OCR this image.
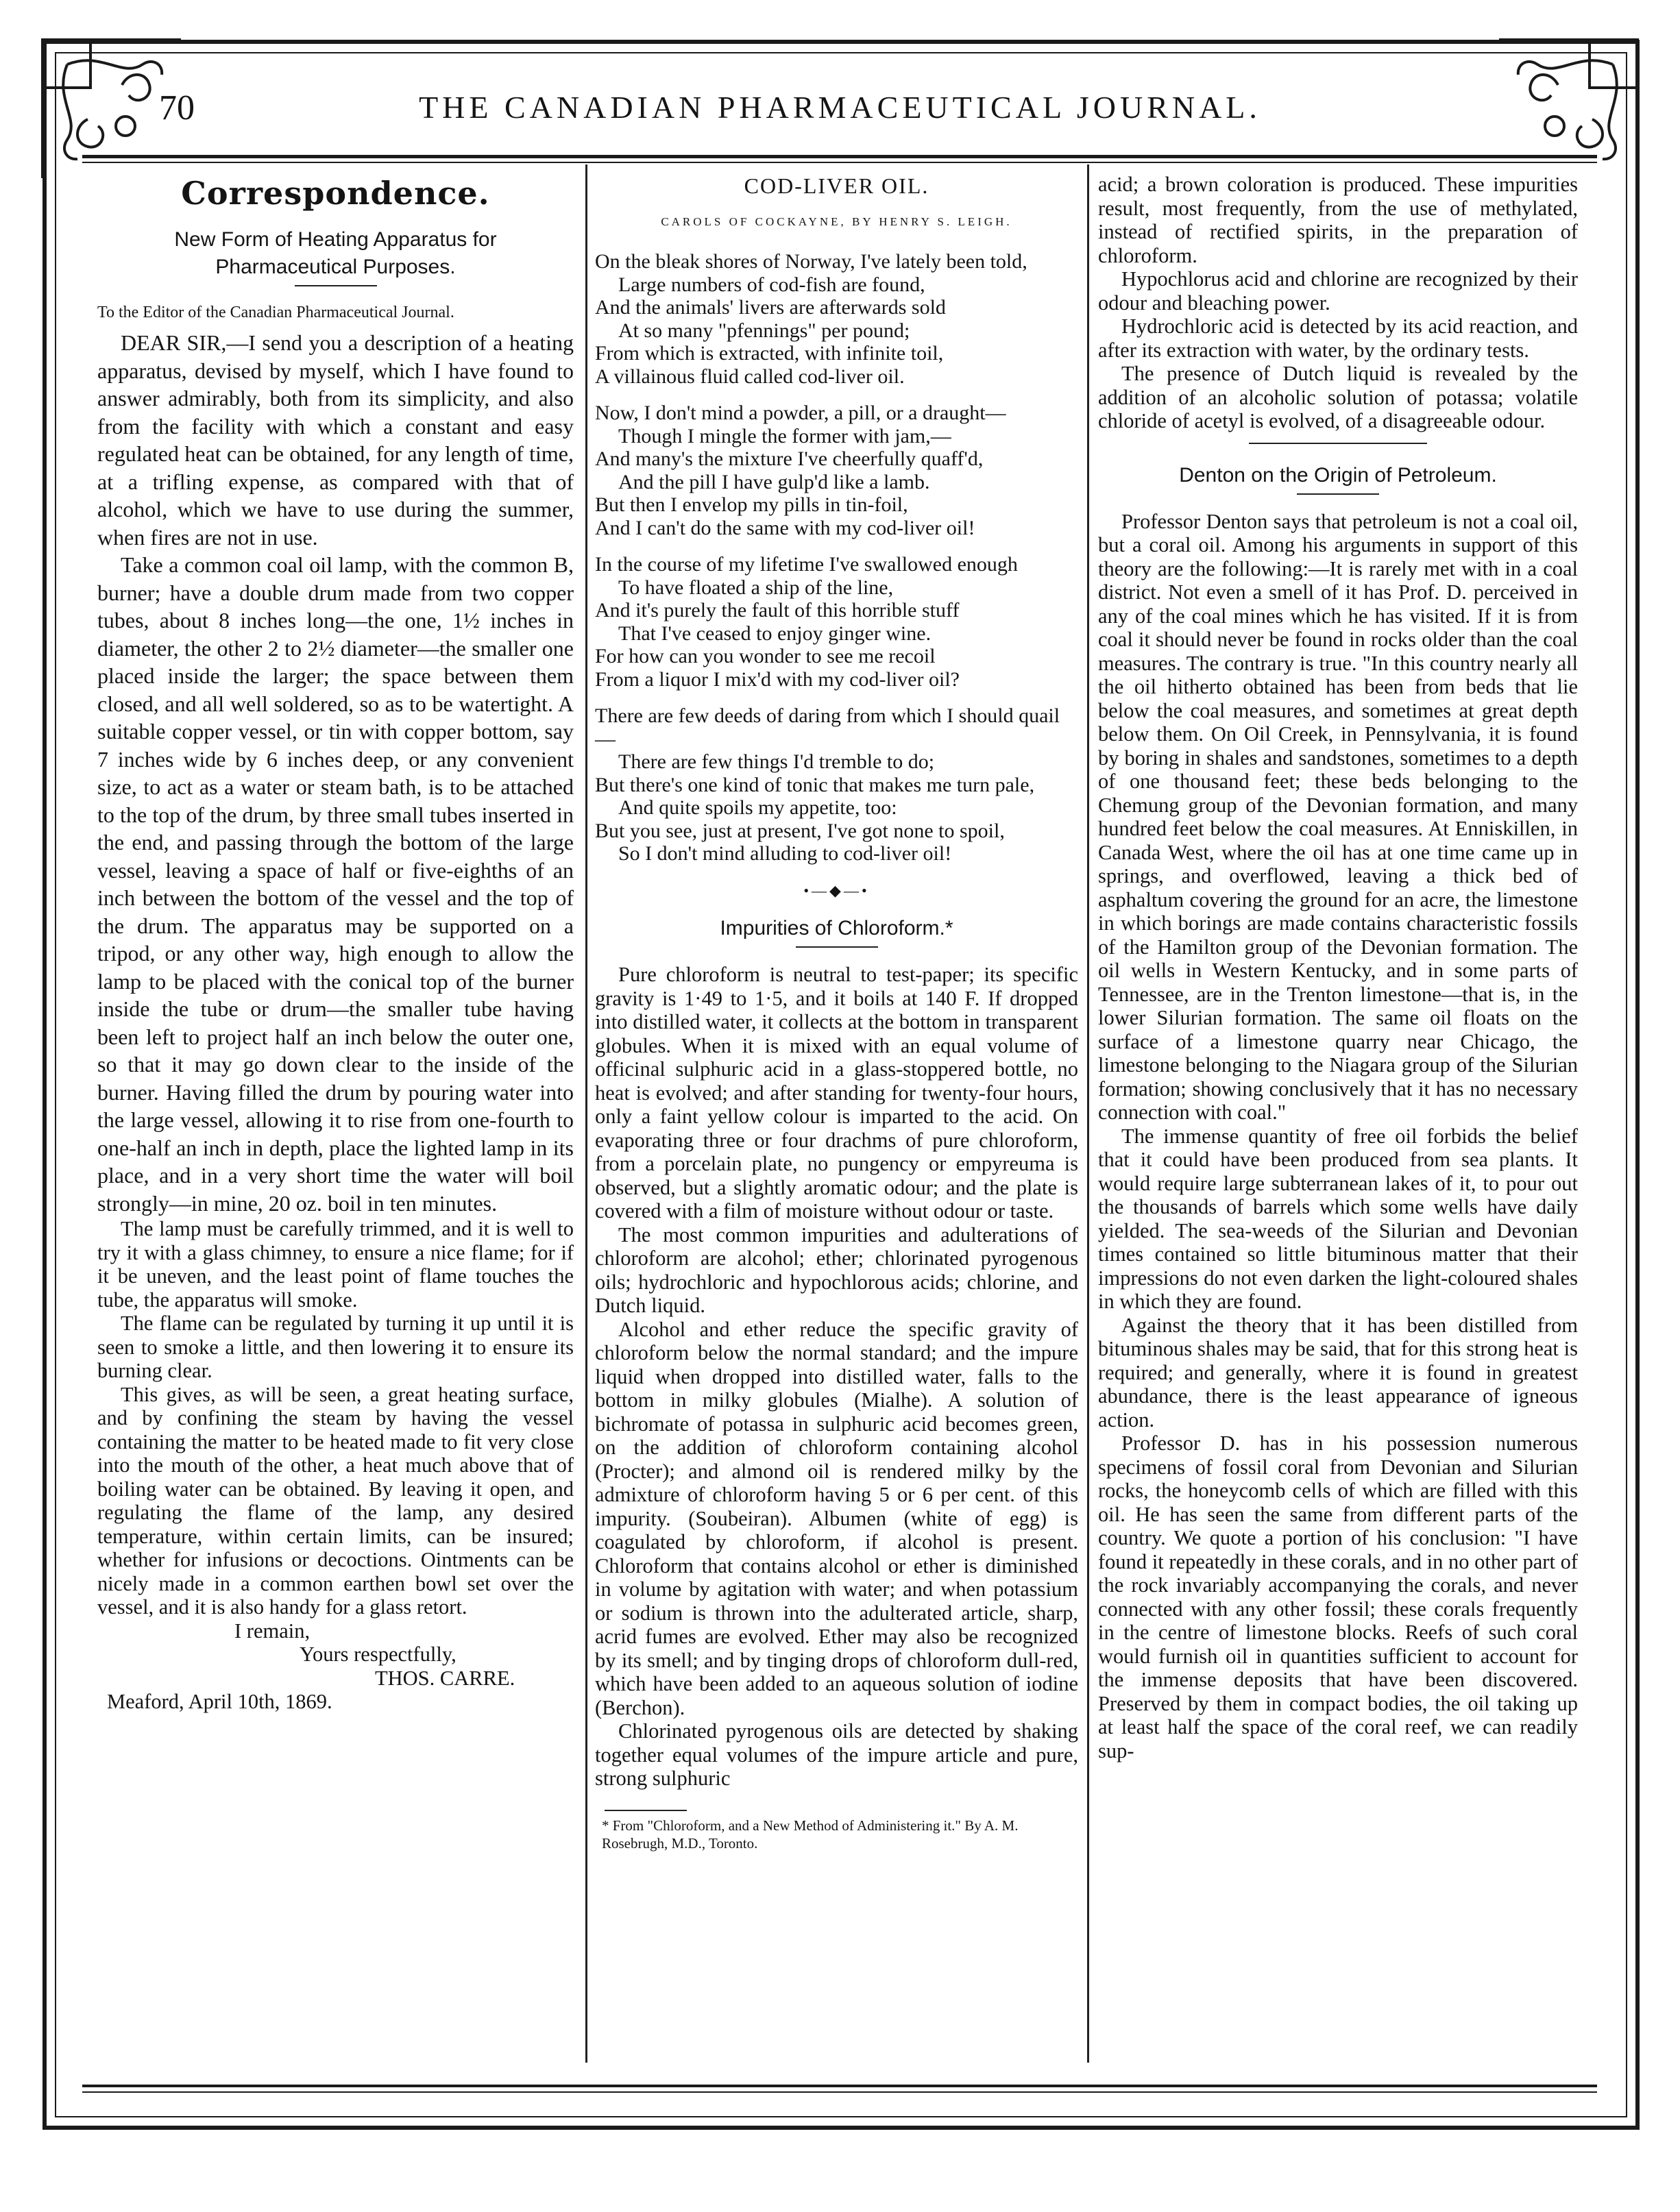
70	THE CANADIAN PHARMACEUTICAL JOURNAL.
Correspondence.
New Form of Heating Apparatus for Pharmaceutical Purposes.
To the Editor of the Canadian Pharmaceutical Journal.

DEAR SIR,—I send you a description of a heating apparatus, devised by myself, which I have found to answer admirably, both from its simplicity, and also from the facility with which a constant and easy regulated heat can be obtained, for any length of time, at a trifling expense, as compared with that of alcohol, which we have to use during the summer, when fires are not in use.

Take a common coal oil lamp, with the common B, burner; have a double drum made from two copper tubes, about 8 inches long—the one, 1½ inches in diameter, the other 2 to 2½ diameter—the smaller one placed inside the larger; the space between them closed, and all well soldered, so as to be watertight. A suitable copper vessel, or tin with copper bottom, say 7 inches wide by 6 inches deep, or any convenient size, to act as a water or steam bath, is to be attached to the top of the drum, by three small tubes inserted in the end, and passing through the bottom of the large vessel, leaving a space of half or five-eighths of an inch between the bottom of the vessel and the top of the drum. The apparatus may be supported on a tripod, or any other way, high enough to allow the lamp to be placed with the conical top of the burner inside the tube or drum—the smaller tube having been left to project half an inch below the outer one, so that it may go down clear to the inside of the burner. Having filled the drum by pouring water into the large vessel, allowing it to rise from one-fourth to one-half an inch in depth, place the lighted lamp in its place, and in a very short time the water will boil strongly—in mine, 20 oz. boil in ten minutes.

The lamp must be carefully trimmed, and it is well to try it with a glass chimney, to ensure a nice flame; for if it be uneven, and the least point of flame touches the tube, the apparatus will smoke.

The flame can be regulated by turning it up until it is seen to smoke a little, and then lowering it to ensure its burning clear.

This gives, as will be seen, a great heating surface, and by confining the steam by having the vessel containing the matter to be heated made to fit very close into the mouth of the other, a heat much above that of boiling water can be obtained. By leaving it open, and regulating the flame of the lamp, any desired temperature, within certain limits, can be insured; whether for infusions or decoctions. Ointments can be nicely made in a common earthen bowl set over the vessel, and it is also handy for a glass retort.

I remain,

Yours respectfully,

THOS. CARRE.

Meaford, April 10th, 1869.

COD-LIVER OIL.
CAROLS OF COCKAYNE, BY HENRY S. LEIGH.
On the bleak shores of Norway, I've lately been told,
Large numbers of cod-fish are found,
And the animals' livers are afterwards sold
At so many "pfennings" per pound;
From which is extracted, with infinite toil,
A villainous fluid called cod-liver oil.
Now, I don't mind a powder, a pill, or a draught—
Though I mingle the former with jam,—
And many's the mixture I've cheerfully quaff'd,
And the pill I have gulp'd like a lamb.
But then I envelop my pills in tin-foil,
And I can't do the same with my cod-liver oil!
In the course of my lifetime I've swallowed enough
To have floated a ship of the line,
And it's purely the fault of this horrible stuff
That I've ceased to enjoy ginger wine.
For how can you wonder to see me recoil
From a liquor I mix'd with my cod-liver oil?
There are few deeds of daring from which I should quail—
There are few things I'd tremble to do;
But there's one kind of tonic that makes me turn pale,
And quite spoils my appetite, too:
But you see, just at present, I've got none to spoil,
So I don't mind alluding to cod-liver oil!
•—◆—•
Impurities of Chloroform.*

Pure chloroform is neutral to test-paper; its specific gravity is 1·49 to 1·5, and it boils at 140 F. If dropped into distilled water, it collects at the bottom in transparent globules. When it is mixed with an equal volume of officinal sulphuric acid in a glass-stoppered bottle, no heat is evolved; and after standing for twenty-four hours, only a faint yellow colour is imparted to the acid. On evaporating three or four drachms of pure chloroform, from a porcelain plate, no pungency or empyreuma is observed, but a slightly aromatic odour; and the plate is covered with a film of moisture without odour or taste.

The most common impurities and adulterations of chloroform are alcohol; ether; chlorinated pyrogenous oils; hydrochloric and hypochlorous acids; chlorine, and Dutch liquid.

Alcohol and ether reduce the specific gravity of chloroform below the normal standard; and the impure liquid when dropped into distilled water, falls to the bottom in milky globules (Mialhe). A solution of bichromate of potassa in sulphuric acid becomes green, on the addition of chloroform containing alcohol (Procter); and almond oil is rendered milky by the admixture of chloroform having 5 or 6 per cent. of this impurity. (Soubeiran). Albumen (white of egg) is coagulated by chloroform, if alcohol is present. Chloroform that contains alcohol or ether is diminished in volume by agitation with water; and when potassium or sodium is thrown into the adulterated article, sharp, acrid fumes are evolved. Ether may also be recognized by its smell; and by tinging drops of chloroform dull-red, which have been added to an aqueous solution of iodine (Berchon).

Chlorinated pyrogenous oils are detected by shaking together equal volumes of the impure article and pure, strong sulphuric

* From "Chloroform, and a New Method of Administering it." By A. M. Rosebrugh, M.D., Toronto.

acid; a brown coloration is produced. These impurities result, most frequently, from the use of methylated, instead of rectified spirits, in the preparation of chloroform.

Hypochlorus acid and chlorine are recognized by their odour and bleaching power.

Hydrochloric acid is detected by its acid reaction, and after its extraction with water, by the ordinary tests.

The presence of Dutch liquid is revealed by the addition of an alcoholic solution of potassa; volatile chloride of acetyl is evolved, of a disagreeable odour.

Denton on the Origin of Petroleum.

Professor Denton says that petroleum is not a coal oil, but a coral oil. Among his arguments in support of this theory are the following:—It is rarely met with in a coal district. Not even a smell of it has Prof. D. perceived in any of the coal mines which he has visited. If it is from coal it should never be found in rocks older than the coal measures. The contrary is true. "In this country nearly all the oil hitherto obtained has been from beds that lie below the coal measures, and sometimes at great depth below them. On Oil Creek, in Pennsylvania, it is found by boring in shales and sandstones, sometimes to a depth of one thousand feet; these beds belonging to the Chemung group of the Devonian formation, and many hundred feet below the coal measures. At Enniskillen, in Canada West, where the oil has at one time came up in springs, and overflowed, leaving a thick bed of asphaltum covering the ground for an acre, the limestone in which borings are made contains characteristic fossils of the Hamilton group of the Devonian formation. The oil wells in Western Kentucky, and in some parts of Tennessee, are in the Trenton limestone—that is, in the lower Silurian formation. The same oil floats on the surface of a limestone quarry near Chicago, the limestone belonging to the Niagara group of the Silurian formation; showing conclusively that it has no necessary connection with coal."

The immense quantity of free oil forbids the belief that it could have been produced from sea plants. It would require large subterranean lakes of it, to pour out the thousands of barrels which some wells have daily yielded. The sea-weeds of the Silurian and Devonian times contained so little bituminous matter that their impressions do not even darken the light-coloured shales in which they are found.

Against the theory that it has been distilled from bituminous shales may be said, that for this strong heat is required; and generally, where it is found in greatest abundance, there is the least appearance of igneous action.

Professor D. has in his possession numerous specimens of fossil coral from Devonian and Silurian rocks, the honeycomb cells of which are filled with this oil. He has seen the same from different parts of the country. We quote a portion of his conclusion: "I have found it repeatedly in these corals, and in no other part of the rock invariably accompanying the corals, and never connected with any other fossil; these corals frequently in the centre of limestone blocks. Reefs of such coral would furnish oil in quantities sufficient to account for the immense deposits that have been discovered. Preserved by them in compact bodies, the oil taking up at least half the space of the coral reef, we can readily sup-
